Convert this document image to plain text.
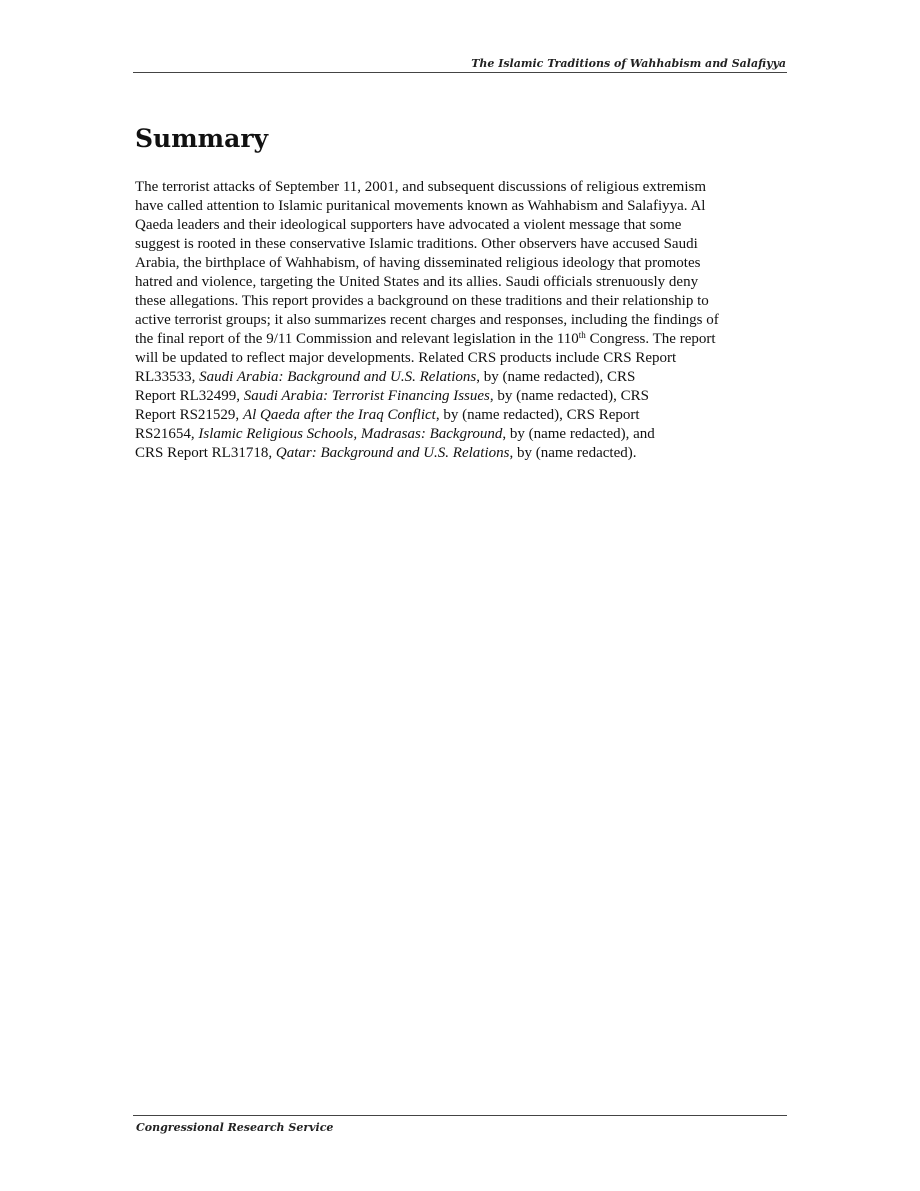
The Islamic Traditions of Wahhabism and Salafiyya
Summary
The terrorist attacks of September 11, 2001, and subsequent discussions of religious extremism
have called attention to Islamic puritanical movements known as Wahhabism and Salafiyya. Al
Qaeda leaders and their ideological supporters have advocated a violent message that some
suggest is rooted in these conservative Islamic traditions. Other observers have accused Saudi
Arabia, the birthplace of Wahhabism, of having disseminated religious ideology that promotes
hatred and violence, targeting the United States and its allies. Saudi officials strenuously deny
these allegations. This report provides a background on these traditions and their relationship to
active terrorist groups; it also summarizes recent charges and responses, including the findings of
the final report of the 9/11 Commission and relevant legislation in the 110th Congress. The report
will be updated to reflect major developments. Related CRS products include CRS Report
RL33533, Saudi Arabia: Background and U.S. Relations, by (name redacted), CRS
Report RL32499, Saudi Arabia: Terrorist Financing Issues, by (name redacted), CRS
Report RS21529, Al Qaeda after the Iraq Conflict, by (name redacted), CRS Report
RS21654, Islamic Religious Schools, Madrasas: Background, by (name redacted), and
CRS Report RL31718, Qatar: Background and U.S. Relations, by (name redacted).
Congressional Research Service
